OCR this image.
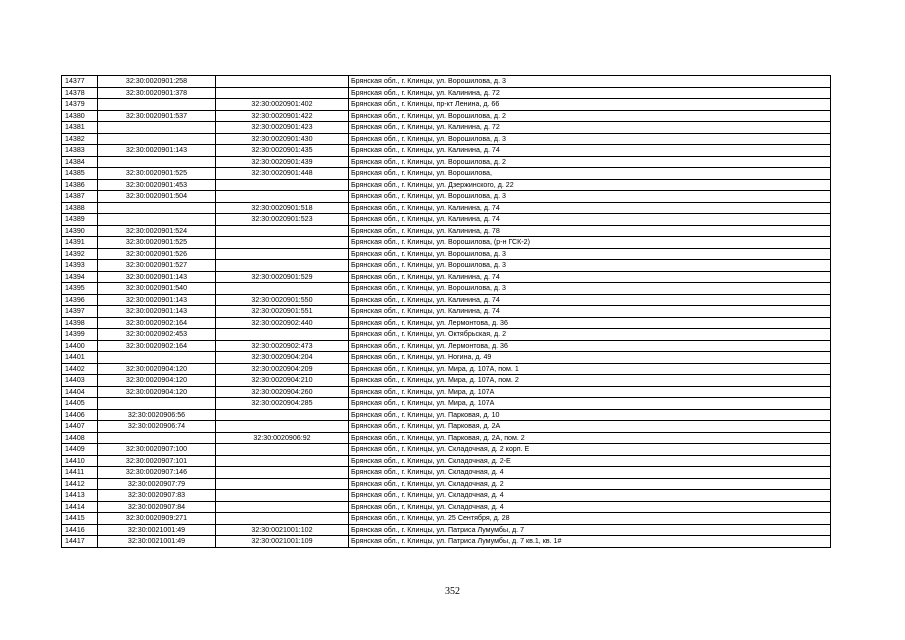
14377	32:30:0020901:258		Брянская обл., г. Клинцы, ул. Ворошилова, д. 3
14378	32:30:0020901:378		Брянская обл., г. Клинцы, ул. Калинина, д. 72
14379		32:30:0020901:402	Брянская обл., г. Клинцы, пр-кт Ленина, д. 66
14380	32:30:0020901:537	32:30:0020901:422	Брянская обл., г. Клинцы, ул. Ворошилова, д. 2
14381		32:30:0020901:423	Брянская обл., г. Клинцы, ул. Калинина, д. 72
14382		32:30:0020901:430	Брянская обл., г. Клинцы, ул. Ворошилова, д. 3
14383	32:30:0020901:143	32:30:0020901:435	Брянская обл., г. Клинцы, ул. Калинина, д. 74
14384		32:30:0020901:439	Брянская обл., г. Клинцы, ул. Ворошилова, д. 2
14385	32:30:0020901:525	32:30:0020901:448	Брянская обл., г. Клинцы, ул. Ворошилова,
14386	32:30:0020901:453		Брянская обл., г. Клинцы, ул. Дзержинского, д. 22
14387	32:30:0020901:504		Брянская обл., г. Клинцы, ул. Ворошилова, д. 3
14388		32:30:0020901:518	Брянская обл., г. Клинцы, ул. Калинина, д. 74
14389		32:30:0020901:523	Брянская обл., г. Клинцы, ул. Калинина, д. 74
14390	32:30:0020901:524		Брянская обл., г. Клинцы, ул. Калинина, д. 78
14391	32:30:0020901:525		Брянская обл., г. Клинцы, ул. Ворошилова, (р-н ГСК-2)
14392	32:30:0020901:526		Брянская обл., г. Клинцы, ул. Ворошилова, д. 3
14393	32:30:0020901:527		Брянская обл., г. Клинцы, ул. Ворошилова, д. 3
14394	32:30:0020901:143	32:30:0020901:529	Брянская обл., г. Клинцы, ул. Калинина, д. 74
14395	32:30:0020901:540		Брянская обл., г. Клинцы, ул. Ворошилова, д. 3
14396	32:30:0020901:143	32:30:0020901:550	Брянская обл., г. Клинцы, ул. Калинина, д. 74
14397	32:30:0020901:143	32:30:0020901:551	Брянская обл., г. Клинцы, ул. Калинина, д. 74
14398	32:30:0020902:164	32:30:0020902:440	Брянская обл., г. Клинцы, ул. Лермонтова, д. 36
14399	32:30:0020902:453		Брянская обл., г. Клинцы, ул. Октябрьская, д. 2
14400	32:30:0020902:164	32:30:0020902:473	Брянская обл., г. Клинцы, ул. Лермонтова, д. 36
14401		32:30:0020904:204	Брянская обл., г. Клинцы, ул. Ногина, д. 49
14402	32:30:0020904:120	32:30:0020904:209	Брянская обл., г. Клинцы, ул. Мира, д. 107А, пом. 1
14403	32:30:0020904:120	32:30:0020904:210	Брянская обл., г. Клинцы, ул. Мира, д. 107А, пом. 2
14404	32:30:0020904:120	32:30:0020904:260	Брянская обл., г. Клинцы, ул. Мира, д. 107А
14405		32:30:0020904:285	Брянская обл., г. Клинцы, ул. Мира, д. 107А
14406	32:30:0020906:56		Брянская обл., г. Клинцы, ул. Парковая, д. 10
14407	32:30:0020906:74		Брянская обл., г. Клинцы, ул. Парковая, д. 2А
14408		32:30:0020906:92	Брянская обл., г. Клинцы, ул. Парковая, д. 2А, пом. 2
14409	32:30:0020907:100		Брянская обл., г. Клинцы, ул. Складочная, д. 2 корп. Е
14410	32:30:0020907:101		Брянская обл., г. Клинцы, ул. Складочная, д. 2-Е
14411	32:30:0020907:146		Брянская обл., г. Клинцы, ул. Складочная, д. 4
14412	32:30:0020907:79		Брянская обл., г. Клинцы, ул. Складочная, д. 2
14413	32:30:0020907:83		Брянская обл., г. Клинцы, ул. Складочная, д. 4
14414	32:30:0020907:84		Брянская обл., г. Клинцы, ул. Складочная, д. 4
14415	32:30:0020909:271		Брянская обл., г. Клинцы, ул. 25 Сентября, д. 28
14416	32:30:0021001:49	32:30:0021001:102	Брянская обл., г. Клинцы, ул. Патриса Лумумбы, д. 7
14417	32:30:0021001:49	32:30:0021001:109	Брянская обл., г. Клинцы, ул. Патриса Лумумбы, д. 7 кв.1, кв. 1#
352
